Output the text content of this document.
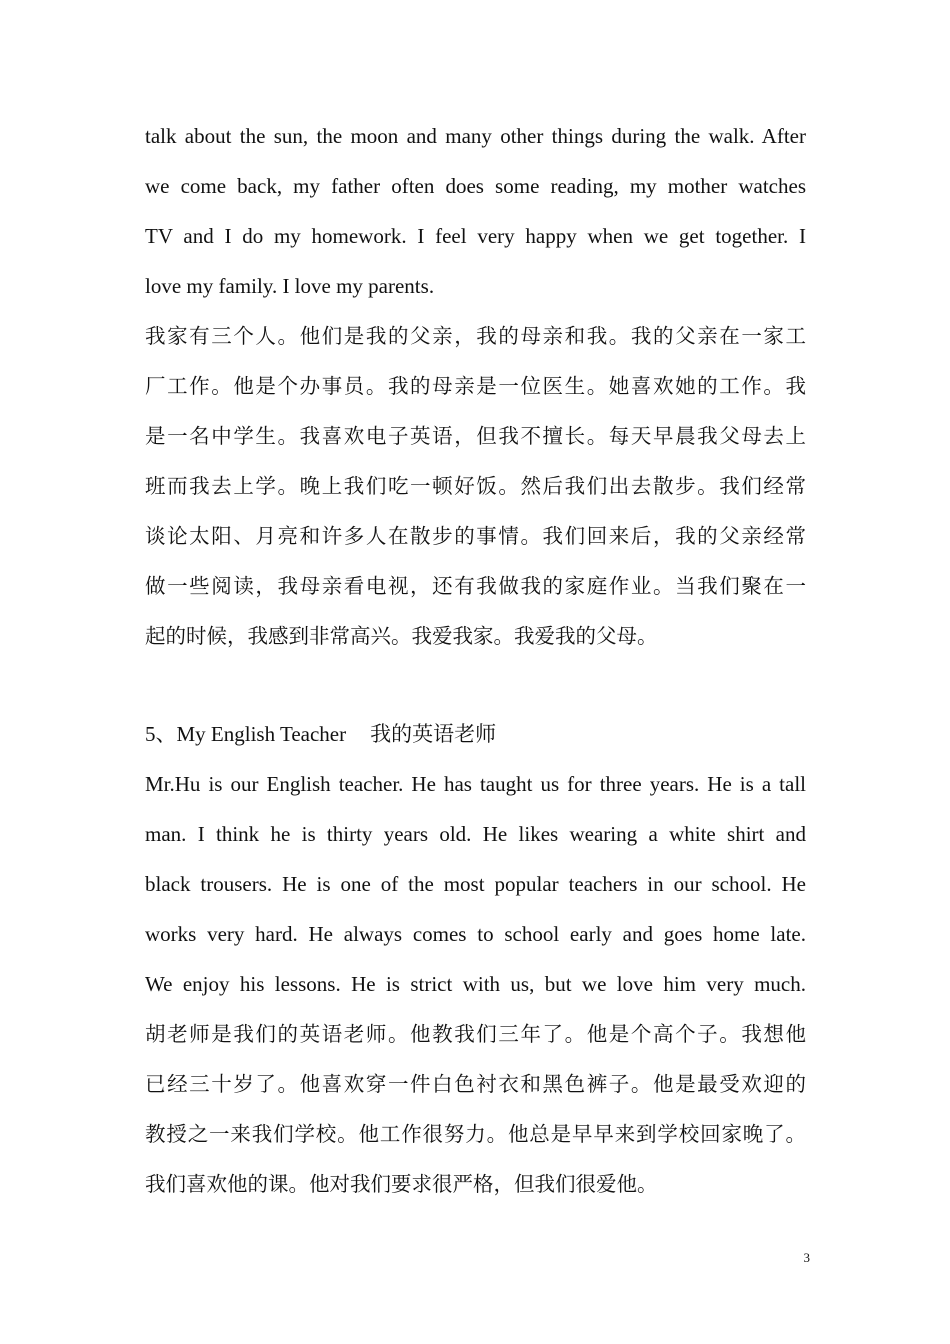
talk about the sun, the moon and many other things during the walk. After
we come back, my father often does some reading, my mother watches
TV and I do my homework. I feel very happy when we get together. I
love my family. I love my parents.
我家有三个人。他们是我的父亲，我的母亲和我。我的父亲在一家工
厂工作。他是个办事员。我的母亲是一位医生。她喜欢她的工作。我
是一名中学生。我喜欢电子英语，但我不擅长。每天早晨我父母去上
班而我去上学。晚上我们吃一顿好饭。然后我们出去散步。我们经常
谈论太阳、月亮和许多人在散步的事情。我们回来后，我的父亲经常
做一些阅读，我母亲看电视，还有我做我的家庭作业。当我们聚在一
起的时候，我感到非常高兴。我爱我家。我爱我的父母。
5、My English Teacher 我的英语老师
Mr.Hu is our English teacher. He has taught us for three years. He is a tall
man. I think he is thirty years old. He likes wearing a white shirt and
black trousers. He is one of the most popular teachers in our school. He
works very hard. He always comes to school early and goes home late.
We enjoy his lessons. He is strict with us, but we love him very much.
胡老师是我们的英语老师。他教我们三年了。他是个高个子。我想他
已经三十岁了。他喜欢穿一件白色衬衣和黑色裤子。他是最受欢迎的
教授之一来我们学校。他工作很努力。他总是早早来到学校回家晚了。
我们喜欢他的课。他对我们要求很严格，但我们很爱他。
3
